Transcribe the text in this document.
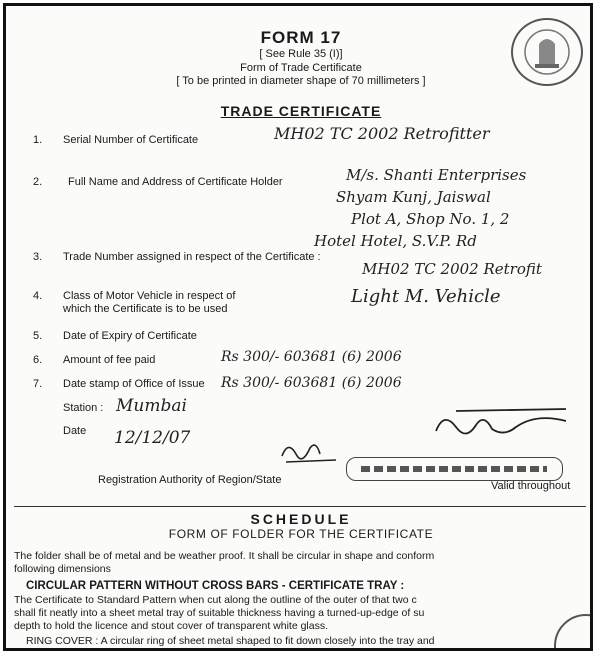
FORM 17
[ See Rule 35 (I)]
Form of Trade Certificate
[ To be printed in diameter shape of 70 millimeters ]
TRADE CERTIFICATE
1. Serial Number of Certificate	MH02 TC 2002 Retrofitter
2. Full Name and Address of Certificate Holder	M/s. Shanti Enterprises
Shyam Kunj, Jaiswal
Plot A, Shop No. 1, 2
Hotel Hotel, S.V.P. Rd
3. Trade Number assigned in respect of the Certificate :
MH02 TC 2002 Retrofit
4. Class of Motor Vehicle in respect of
which the Certificate is to be used
Light M. Vehicle
5. Date of Expiry of Certificate
6. Amount of fee paid	Rs 300/- 603681 (6) 2006
7. Date stamp of Office of Issue Rs 300/- 603681 (6) 2006
Station : Mumbai
Date 12/12/07
Registration Authority of Region/State	Valid throughout
SCHEDULE
FORM OF FOLDER FOR THE CERTIFICATE
The folder shall be of metal and be weather proof. It shall be circular in shape and conform
following dimensions
CIRCULAR PATTERN WITHOUT CROSS BARS - CERTIFICATE TRAY :
The Certificate to Standard Pattern when cut along the outline of the outer of that two c
shall fit neatly into a sheet metal tray of suitable thickness having a turned-up-edge of su
depth to hold the licence and stout cover of transparent white glass.
RING COVER : A circular ring of sheet metal shaped to fit down closely into the tray and
